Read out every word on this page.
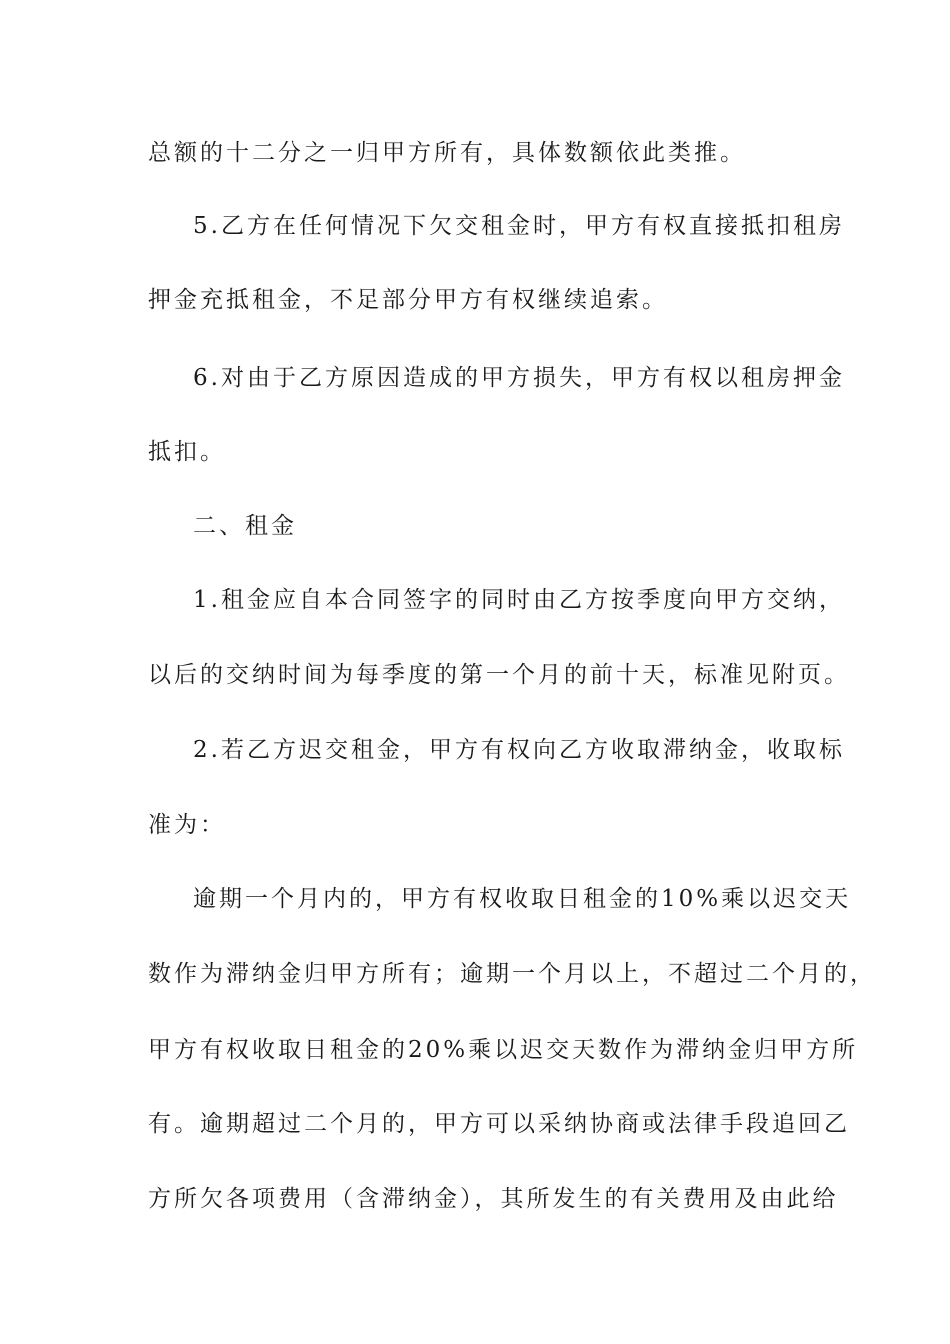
总额的十二分之一归甲方所有，具体数额依此类推。
5.乙方在任何情况下欠交租金时，甲方有权直接抵扣租房
押金充抵租金，不足部分甲方有权继续追索。
6.对由于乙方原因造成的甲方损失，甲方有权以租房押金
抵扣。
二、租金
1.租金应自本合同签字的同时由乙方按季度向甲方交纳，
以后的交纳时间为每季度的第一个月的前十天，标准见附页。
2.若乙方迟交租金，甲方有权向乙方收取滞纳金，收取标
准为：
逾期一个月内的，甲方有权收取日租金的10%乘以迟交天
数作为滞纳金归甲方所有；逾期一个月以上，不超过二个月的，
甲方有权收取日租金的20%乘以迟交天数作为滞纳金归甲方所
有。逾期超过二个月的，甲方可以采纳协商或法律手段追回乙
方所欠各项费用（含滞纳金），其所发生的有关费用及由此给
